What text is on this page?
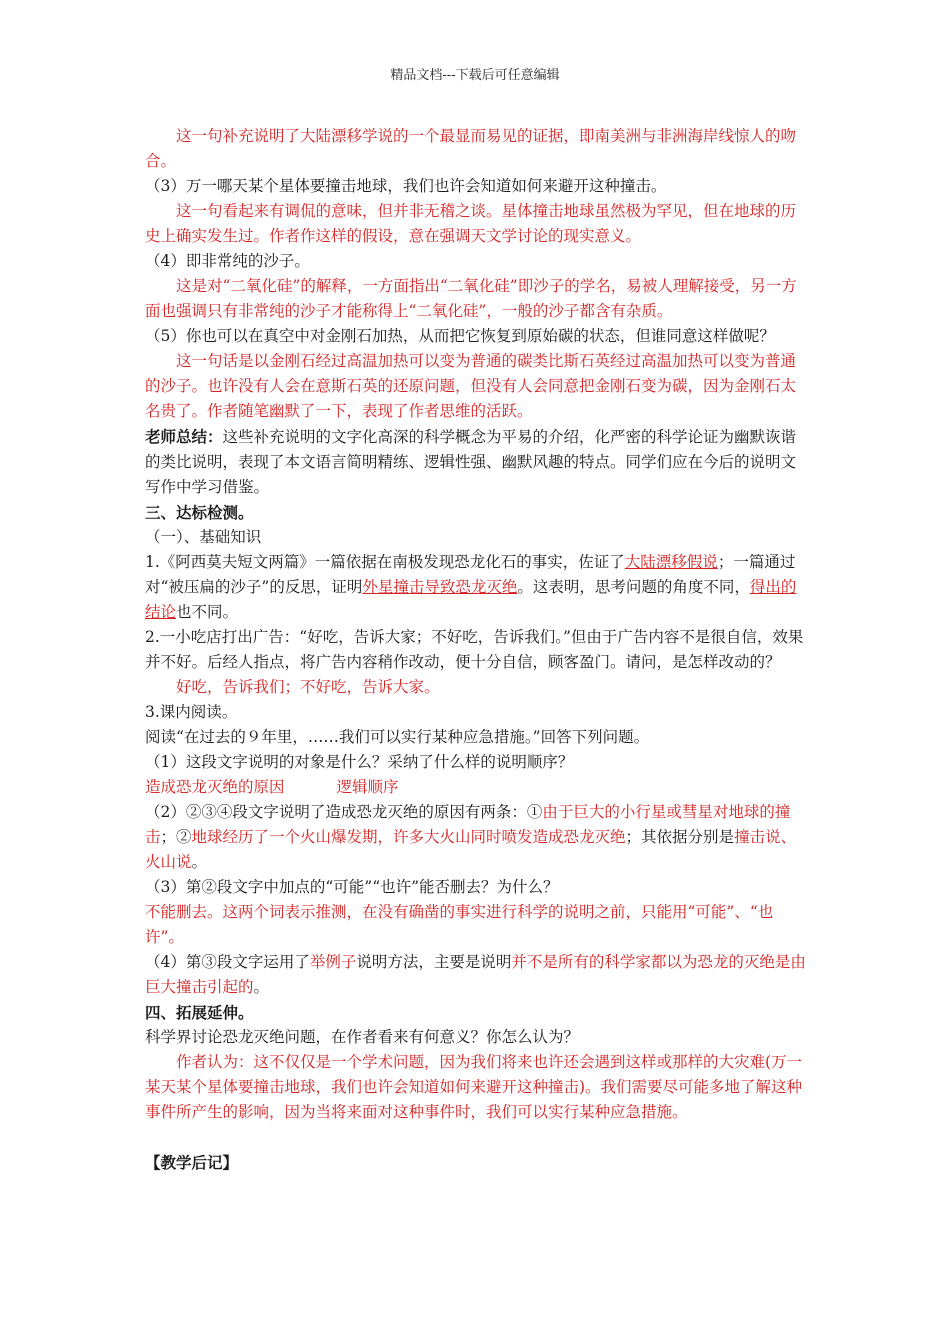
精品文档---下载后可任意编辑

这一句补充说明了大陆漂移学说的一个最显而易见的证据，即南美洲与非洲海岸线惊人的吻合。

（3）万一哪天某个星体要撞击地球，我们也许会知道如何来避开这种撞击。

这一句看起来有调侃的意味，但并非无稽之谈。星体撞击地球虽然极为罕见，但在地球的历史上确实发生过。作者作这样的假设，意在强调天文学讨论的现实意义。

（4）即非常纯的沙子。

这是对“二氧化硅”的解释，一方面指出“二氧化硅”即沙子的学名，易被人理解接受，另一方面也强调只有非常纯的沙子才能称得上“二氧化硅”，一般的沙子都含有杂质。

（5）你也可以在真空中对金刚石加热，从而把它恢复到原始碳的状态，但谁同意这样做呢？

这一句话是以金刚石经过高温加热可以变为普通的碳类比斯石英经过高温加热可以变为普通的沙子。也许没有人会在意斯石英的还原问题，但没有人会同意把金刚石变为碳，因为金刚石太名贵了。作者随笔幽默了一下，表现了作者思维的活跃。

老师总结：这些补充说明的文字化高深的科学概念为平易的介绍，化严密的科学论证为幽默诙谐的类比说明，表现了本文语言简明精练、逻辑性强、幽默风趣的特点。同学们应在今后的说明文写作中学习借鉴。

三、达标检测。

（一）、基础知识

1.《阿西莫夫短文两篇》一篇依据在南极发现恐龙化石的事实，佐证了大陆漂移假说；一篇通过对“被压扁的沙子”的反思，证明外星撞击导致恐龙灭绝。这表明，思考问题的角度不同，得出的结论也不同。

2.一小吃店打出广告：“好吃，告诉大家；不好吃，告诉我们。”但由于广告内容不是很自信，效果并不好。后经人指点，将广告内容稍作改动，便十分自信，顾客盈门。请问，是怎样改动的？

好吃，告诉我们；不好吃，告诉大家。

3.课内阅读。

阅读“在过去的９年里，……我们可以实行某种应急措施。”回答下列问题。

（1）这段文字说明的对象是什么？采纳了什么样的说明顺序？

造成恐龙灭绝的原因	逻辑顺序

（2）②③④段文字说明了造成恐龙灭绝的原因有两条：①由于巨大的小行星或彗星对地球的撞击；②地球经历了一个火山爆发期，许多大火山同时喷发造成恐龙灭绝；其依据分别是撞击说、火山说。

（3）第②段文字中加点的“可能”“也许”能否删去？为什么？

不能删去。这两个词表示推测，在没有确凿的事实进行科学的说明之前，只能用“可能”、“也许”。

（4）第③段文字运用了举例子说明方法，主要是说明并不是所有的科学家都以为恐龙的灭绝是由巨大撞击引起的。

四、拓展延伸。

科学界讨论恐龙灭绝问题，在作者看来有何意义？你怎么认为？

作者认为：这不仅仅是一个学术问题，因为我们将来也许还会遇到这样或那样的大灾难(万一某天某个星体要撞击地球，我们也许会知道如何来避开这种撞击)。我们需要尽可能多地了解这种事件所产生的影响，因为当将来面对这种事件时，我们可以实行某种应急措施。

【教学后记】
